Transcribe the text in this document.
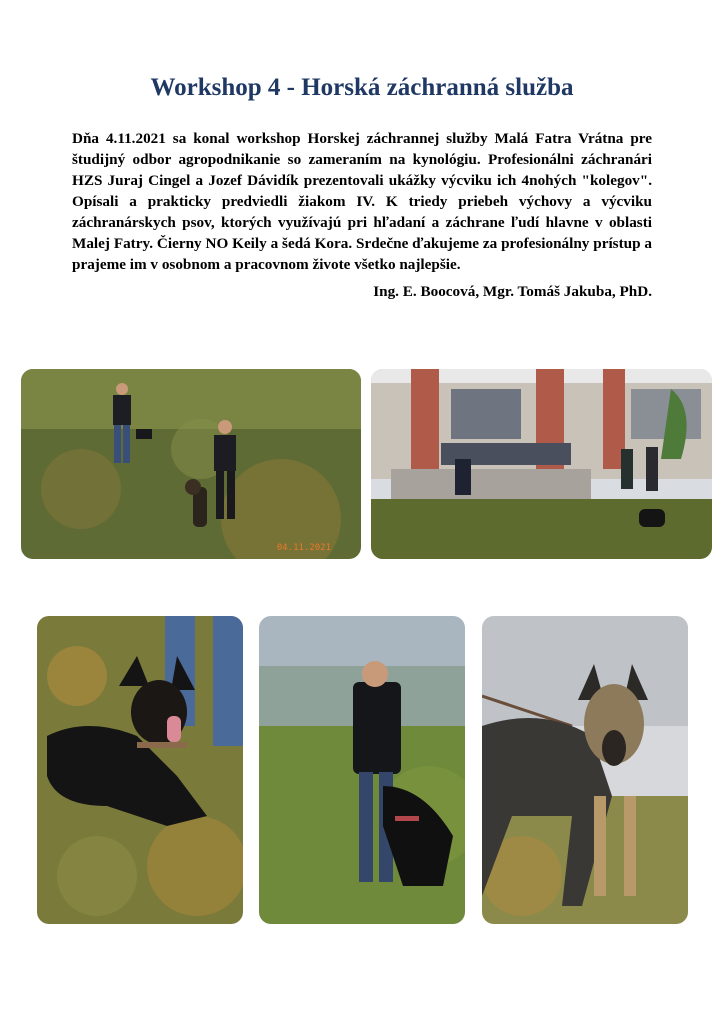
Workshop 4 - Horská záchranná služba

Dňa 4.11.2021 sa konal workshop Horskej záchrannej služby Malá Fatra Vrátna pre študijný odbor agropodnikanie so zameraním na kynológiu. Profesionálni záchranári HZS Juraj Cingel a Jozef Dávidík prezentovali ukážky výcviku ich 4nohých "kolegov". Opísali a prakticky predviedli žiakom IV. K triedy priebeh výchovy a výcviku záchranárskych psov, ktorých využívajú pri hľadaní a záchrane ľudí hlavne v oblasti Malej Fatry. Čierny NO Keily a šedá Kora. Srdečne ďakujeme za profesionálny prístup a prajeme im v osobnom a pracovnom živote všetko najlepšie.

Ing. E. Boocová, Mgr. Tomáš Jakuba, PhD.
04.11.2021
